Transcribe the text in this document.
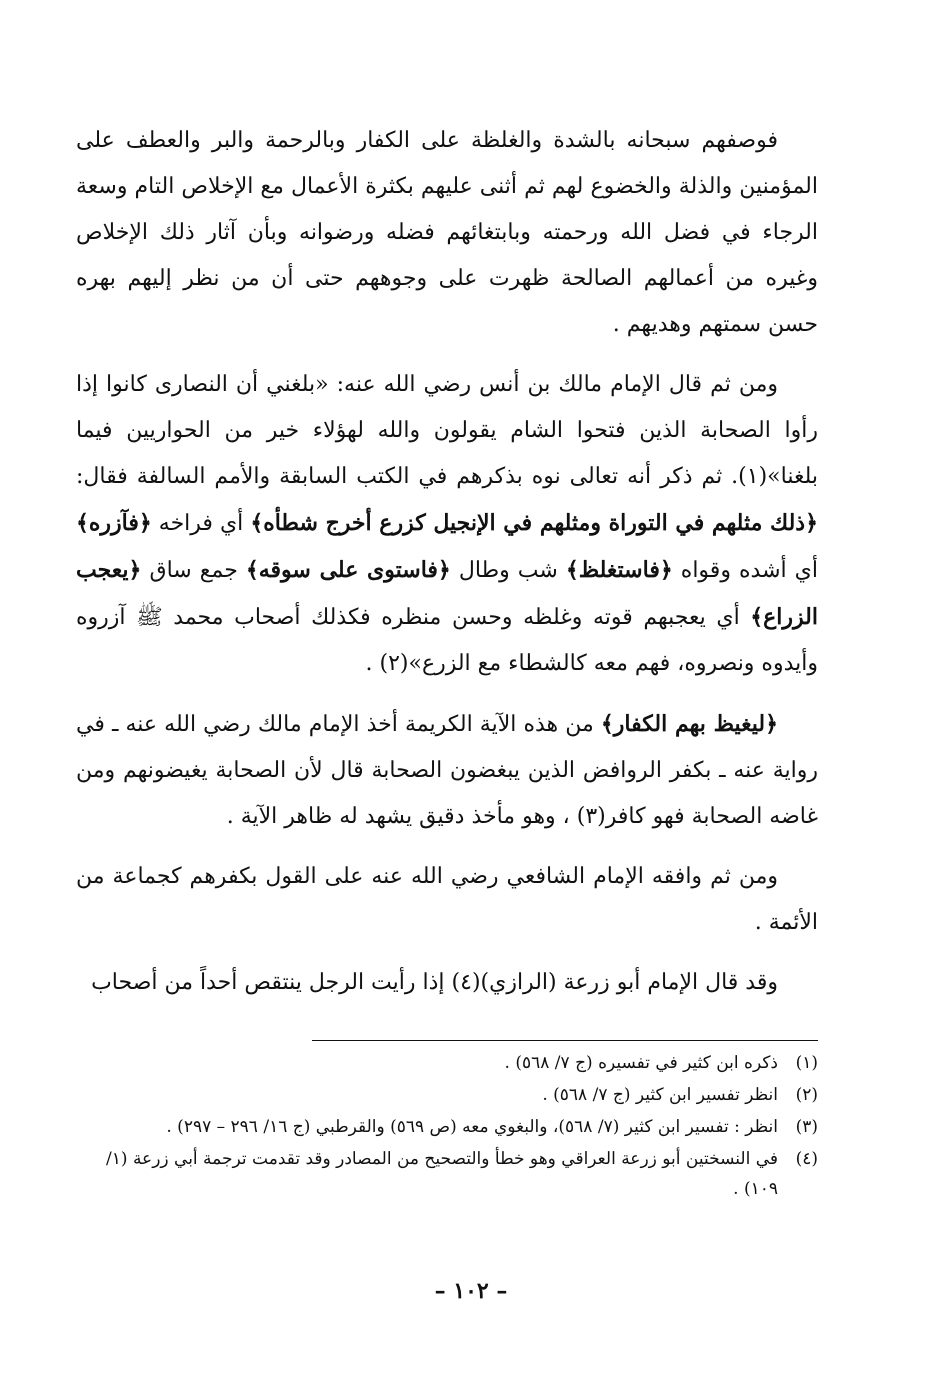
فوصفهم سبحانه بالشدة والغلظة على الكفار وبالرحمة والبر والعطف على المؤمنين والذلة والخضوع لهم ثم أثنى عليهم بكثرة الأعمال مع الإخلاص التام وسعة الرجاء في فضل الله ورحمته وبابتغائهم فضله ورضوانه وبأن آثار ذلك الإخلاص وغيره من أعمالهم الصالحة ظهرت على وجوههم حتى أن من نظر إليهم بهره حسن سمتهم وهديهم .

ومن ثم قال الإمام مالك بن أنس رضي الله عنه: «بلغني أن النصارى كانوا إذا رأوا الصحابة الذين فتحوا الشام يقولون والله لهؤلاء خير من الحواريين فيما بلغنا»(١). ثم ذكر أنه تعالى نوه بذكرهم في الكتب السابقة والأمم السالفة فقال: ﴿ذلك مثلهم في التوراة ومثلهم في الإنجيل كزرع أخرج شطأه﴾ أي فراخه ﴿فآزره﴾ أي أشده وقواه ﴿فاستغلظ﴾ شب وطال ﴿فاستوى على سوقه﴾ جمع ساق ﴿يعجب الزراع﴾ أي يعجبهم قوته وغلظه وحسن منظره فكذلك أصحاب محمد ﷺ آزروه وأيدوه ونصروه، فهم معه كالشطاء مع الزرع»(٢) .

﴿ليغيظ بهم الكفار﴾ من هذه الآية الكريمة أخذ الإمام مالك رضي الله عنه ـ في رواية عنه ـ بكفر الروافض الذين يبغضون الصحابة قال لأن الصحابة يغيضونهم ومن غاضه الصحابة فهو كافر(٣) ، وهو مأخذ دقيق يشهد له ظاهر الآية .

ومن ثم وافقه الإمام الشافعي رضي الله عنه على القول بكفرهم كجماعة من الأئمة .

وقد قال الإمام أبو زرعة (الرازي)(٤) إذا رأيت الرجل ينتقص أحداً من أصحاب

(١)
ذكره ابن كثير في تفسيره (ج ٧/ ٥٦٨) .
(٢)
انظر تفسير ابن كثير (ج ٧/ ٥٦٨) .
(٣)
انظر : تفسير ابن كثير (٧/ ٥٦٨)، والبغوي معه (ص ٥٦٩) والقرطبي (ج ١٦/ ٢٩٦ – ٢٩٧) .
(٤)
في النسختين أبو زرعة العراقي وهو خطأ والتصحيح من المصادر وقد تقدمت ترجمة أبي زرعة (١/ ١٠٩) .
– ١٠٢ –
